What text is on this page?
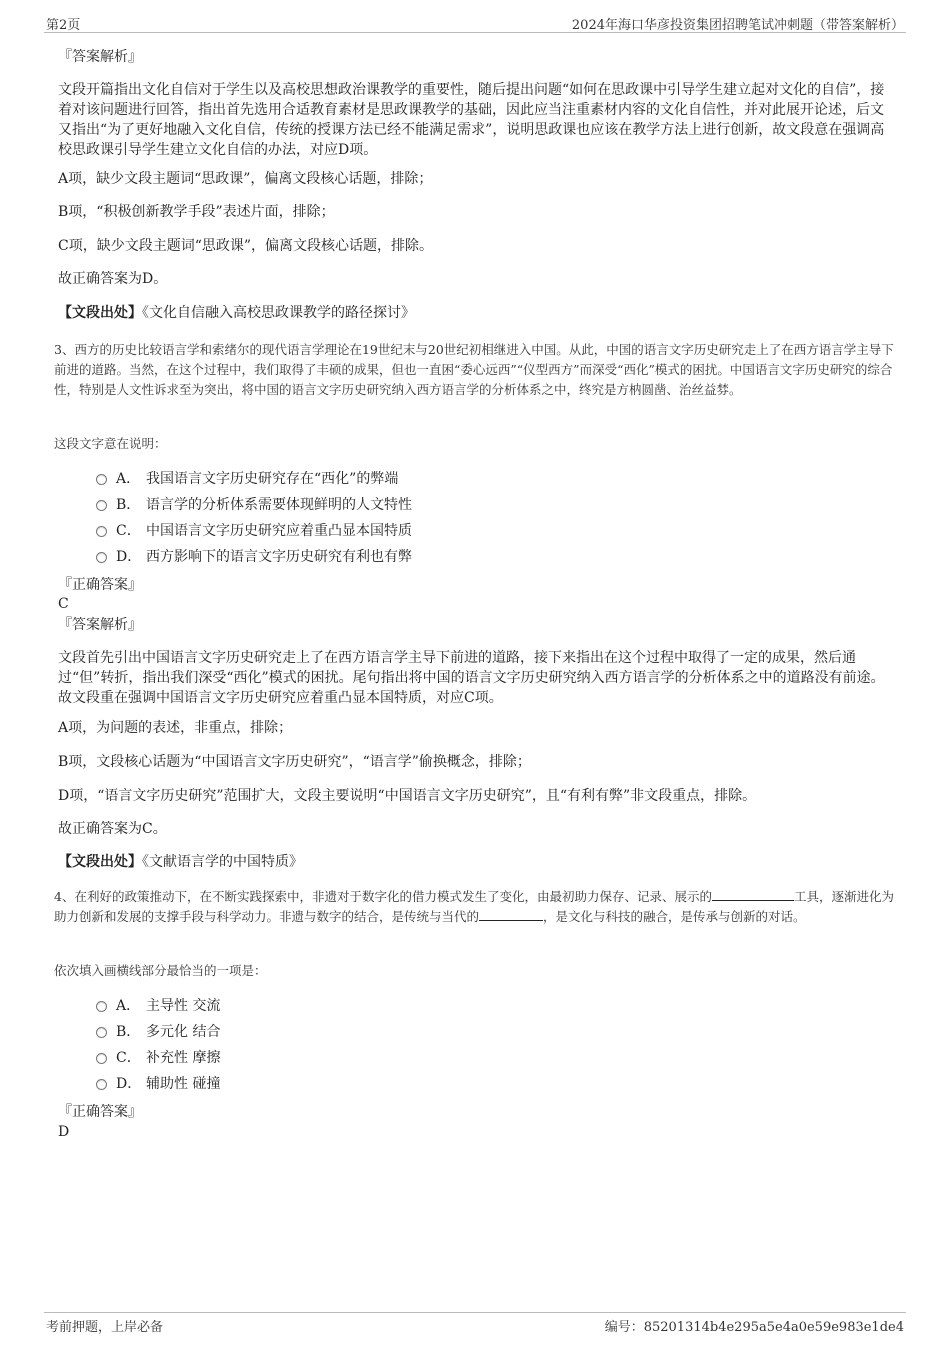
第2页	2024年海口华彦投资集团招聘笔试冲刺题（带答案解析）
『答案解析』
文段开篇指出文化自信对于学生以及高校思想政治课教学的重要性，随后提出问题“如何在思政课中引导学生建立起对文化的自信”，接着对该问题进行回答，指出首先选用合适教育素材是思政课教学的基础，因此应当注重素材内容的文化自信性，并对此展开论述，后文又指出“为了更好地融入文化自信，传统的授课方法已经不能满足需求”，说明思政课也应该在教学方法上进行创新，故文段意在强调高校思政课引导学生建立文化自信的办法，对应D项。
A项，缺少文段主题词“思政课”，偏离文段核心话题，排除；
B项，“积极创新教学手段”表述片面，排除；
C项，缺少文段主题词“思政课”，偏离文段核心话题，排除。
故正确答案为D。
【文段出处】《文化自信融入高校思政课教学的路径探讨》
3、西方的历史比较语言学和索绪尔的现代语言学理论在19世纪末与20世纪初相继进入中国。从此，中国的语言文字历史研究走上了在西方语言学主导下前进的道路。当然，在这个过程中，我们取得了丰硕的成果，但也一直困“委心远西”“仪型西方”而深受“西化”模式的困扰。中国语言文字历史研究的综合性，特别是人文性诉求至为突出，将中国的语言文字历史研究纳入西方语言学的分析体系之中，终究是方枘圆凿、治丝益棼。
这段文字意在说明：
A． 我国语言文字历史研究存在“西化”的弊端
B． 语言学的分析体系需要体现鲜明的人文特性
C． 中国语言文字历史研究应着重凸显本国特质
D． 西方影响下的语言文字历史研究有利也有弊
『正确答案』
C
『答案解析』
文段首先引出中国语言文字历史研究走上了在西方语言学主导下前进的道路，接下来指出在这个过程中取得了一定的成果，然后通过“但”转折，指出我们深受“西化”模式的困扰。尾句指出将中国的语言文字历史研究纳入西方语言学的分析体系之中的道路没有前途。故文段重在强调中国语言文字历史研究应着重凸显本国特质，对应C项。
A项，为问题的表述，非重点，排除；
B项，文段核心话题为“中国语言文字历史研究”，“语言学”偷换概念，排除；
D项，“语言文字历史研究”范围扩大，文段主要说明“中国语言文字历史研究”，且“有利有弊”非文段重点，排除。
故正确答案为C。
【文段出处】《文献语言学的中国特质》
4、在利好的政策推动下，在不断实践探索中，非遗对于数字化的借力模式发生了变化，由最初助力保存、记录、展示的	工具，逐渐进化为助力创新和发展的支撑手段与科学动力。非遗与数字的结合，是传统与当代的	，是文化与科技的融合，是传承与创新的对话。
依次填入画横线部分最恰当的一项是：
A． 主导性 交流
B． 多元化 结合
C． 补充性 摩擦
D． 辅助性 碰撞
『正确答案』
D
考前押题，上岸必备	编号：85201314b4e295a5e4a0e59e983e1de4
